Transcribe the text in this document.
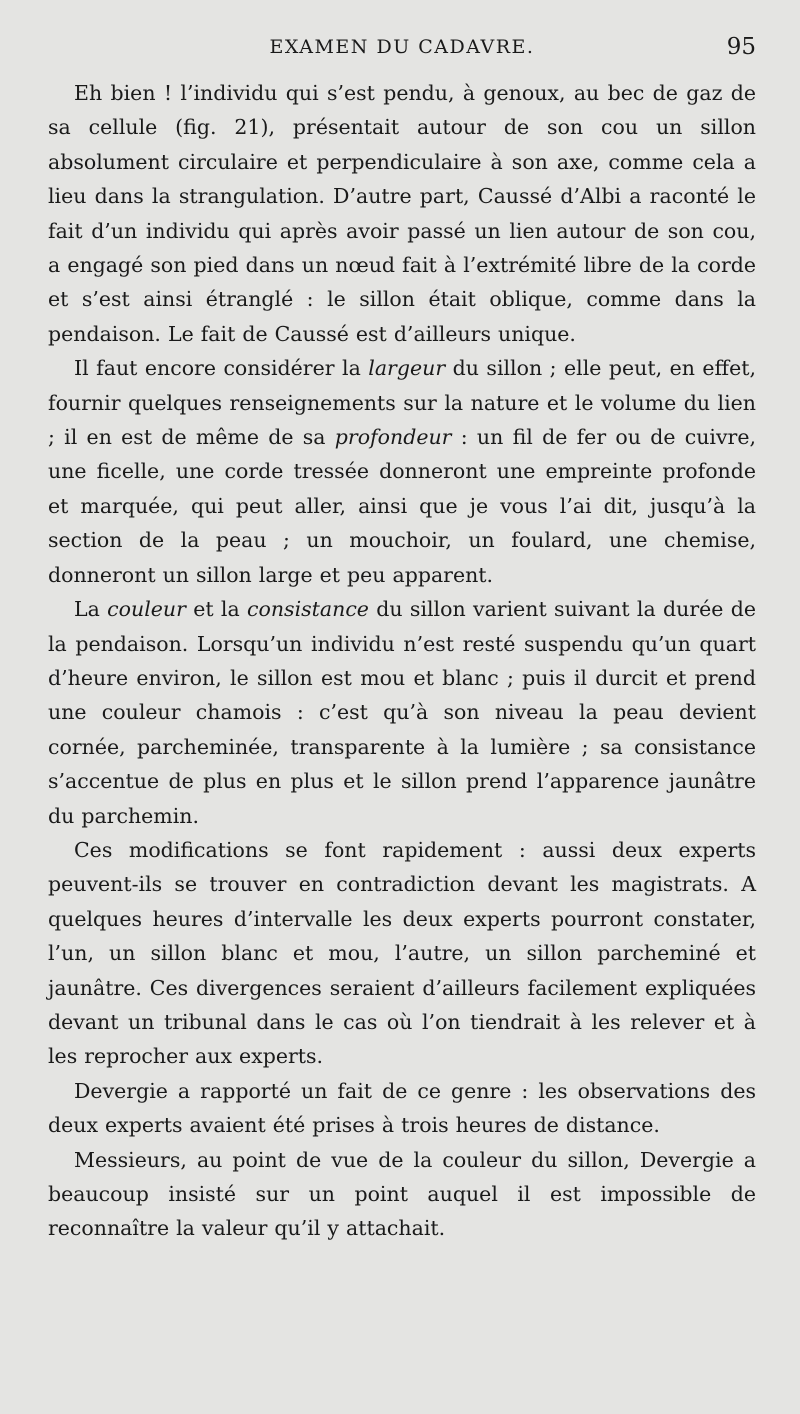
EXAMEN DU CADAVRE.	95

Eh bien ! l’individu qui s’est pendu, à genoux, au bec de gaz de sa cellule (fig. 21), présentait autour de son cou un sillon absolument circulaire et perpendiculaire à son axe, comme cela a lieu dans la strangulation. D’autre part, Caussé d’Albi a raconté le fait d’un individu qui après avoir passé un lien autour de son cou, a engagé son pied dans un nœud fait à l’extrémité libre de la corde et s’est ainsi étranglé : le sillon était oblique, comme dans la pendaison. Le fait de Caussé est d’ailleurs unique.

Il faut encore considérer la largeur du sillon ; elle peut, en effet, fournir quelques renseignements sur la nature et le volume du lien ; il en est de même de sa profondeur : un fil de fer ou de cuivre, une ficelle, une corde tressée donneront une empreinte profonde et marquée, qui peut aller, ainsi que je vous l’ai dit, jusqu’à la section de la peau ; un mouchoir, un foulard, une chemise, donneront un sillon large et peu apparent.

La couleur et la consistance du sillon varient suivant la durée de la pendaison. Lorsqu’un individu n’est resté suspendu qu’un quart d’heure environ, le sillon est mou et blanc ; puis il durcit et prend une couleur chamois : c’est qu’à son niveau la peau devient cornée, parcheminée, transparente à la lumière ; sa consistance s’accentue de plus en plus et le sillon prend l’apparence jaunâtre du parchemin.

Ces modifications se font rapidement : aussi deux experts peuvent-ils se trouver en contradiction devant les magistrats. A quelques heures d’intervalle les deux experts pourront constater, l’un, un sillon blanc et mou, l’autre, un sillon parcheminé et jaunâtre. Ces divergences seraient d’ailleurs facilement expliquées devant un tribunal dans le cas où l’on tiendrait à les relever et à les reprocher aux experts.

Devergie a rapporté un fait de ce genre : les observations des deux experts avaient été prises à trois heures de distance.

Messieurs, au point de vue de la couleur du sillon, Devergie a beaucoup insisté sur un point auquel il est impossible de reconnaître la valeur qu’il y attachait.
